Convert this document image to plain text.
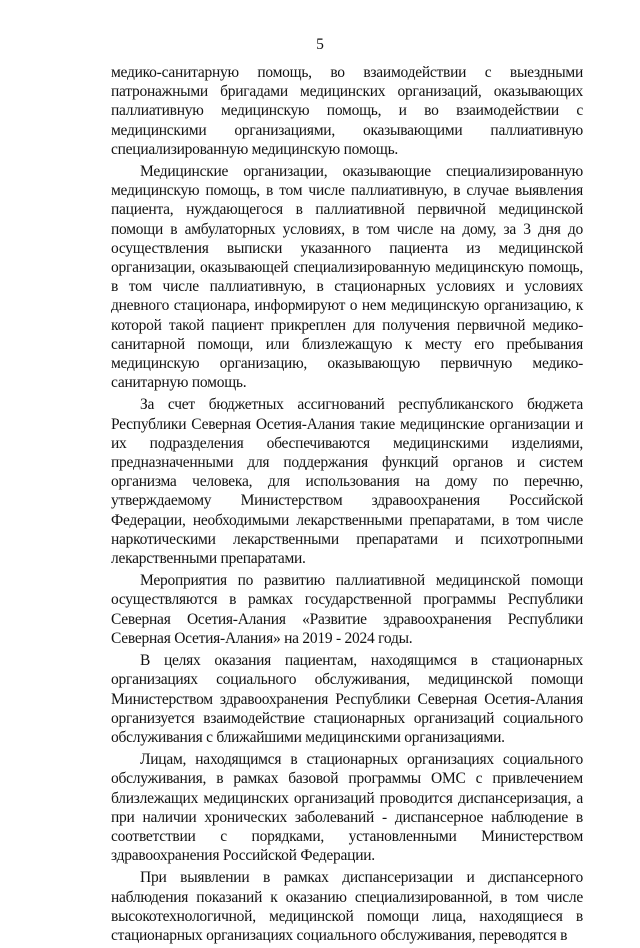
5

медико-санитарную помощь, во взаимодействии с выездными патронажными бригадами медицинских организаций, оказывающих паллиативную медицинскую помощь, и во взаимодействии с медицинскими организациями, оказывающими паллиативную специализированную медицинскую помощь.

Медицинские организации, оказывающие специализированную медицинскую помощь, в том числе паллиативную, в случае выявления пациента, нуждающегося в паллиативной первичной медицинской помощи в амбулаторных условиях, в том числе на дому, за 3 дня до осуществления выписки указанного пациента из медицинской организации, оказывающей специализированную медицинскую помощь, в том числе паллиативную, в стационарных условиях и условиях дневного стационара, информируют о нем медицинскую организацию, к которой такой пациент прикреплен для получения первичной медико-санитарной помощи, или близлежащую к месту его пребывания медицинскую организацию, оказывающую первичную медико-санитарную помощь.

За счет бюджетных ассигнований республиканского бюджета Республики Северная Осетия-Алания такие медицинские организации и их подразделения обеспечиваются медицинскими изделиями, предназначенными для поддержания функций органов и систем организма человека, для использования на дому по перечню, утверждаемому Министерством здравоохранения Российской Федерации, необходимыми лекарственными препаратами, в том числе наркотическими лекарственными препаратами и психотропными лекарственными препаратами.

Мероприятия по развитию паллиативной медицинской помощи осуществляются в рамках государственной программы Республики Северная Осетия-Алания «Развитие здравоохранения Республики Северная Осетия-Алания» на 2019 - 2024 годы.

В целях оказания пациентам, находящимся в стационарных организациях социального обслуживания, медицинской помощи Министерством здравоохранения Республики Северная Осетия-Алания организуется взаимодействие стационарных организаций социального обслуживания с ближайшими медицинскими организациями.

Лицам, находящимся в стационарных организациях социального обслуживания, в рамках базовой программы ОМС с привлечением близлежащих медицинских организаций проводится диспансеризация, а при наличии хронических заболеваний - диспансерное наблюдение в соответствии с порядками, установленными Министерством здравоохранения Российской Федерации.

При выявлении в рамках диспансеризации и диспансерного наблюдения показаний к оказанию специализированной, в том числе высокотехнологичной, медицинской помощи лица, находящиеся в стационарных организациях социального обслуживания, переводятся в
